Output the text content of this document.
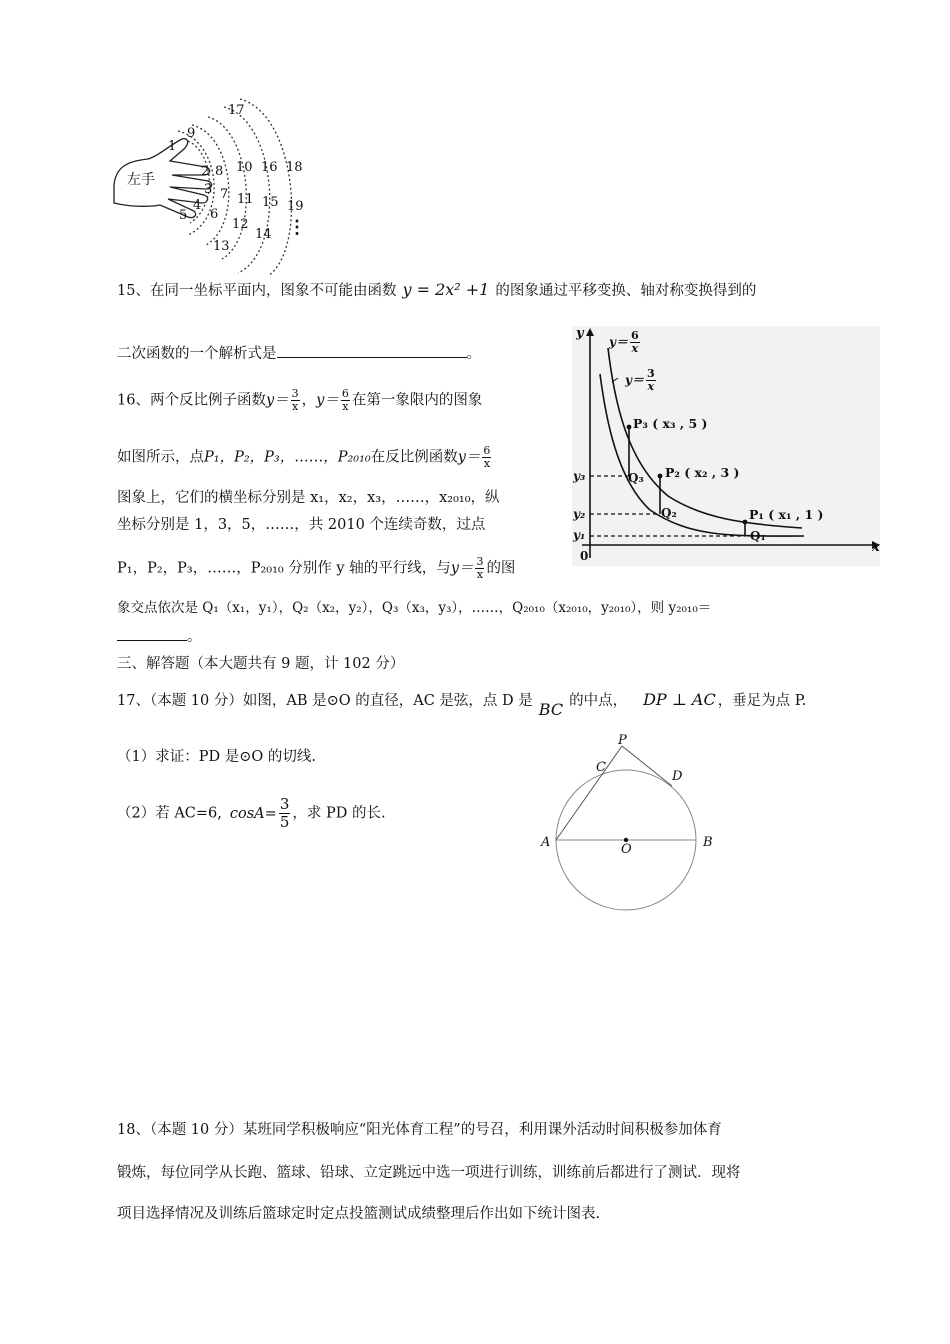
左手
1
9
17
2 8 10 16 18
3 7 11 15 19
4
6
12
14
5
13
⋮
15、在同一坐标平面内，图象不可能由函数 y = 2x² +1 的图象通过平移变换、轴对称变换得到的
二次函数的一个解析式是	。
16、两个反比例子函数$y= \frac{3}{x}$ ，$y= \frac{6}{x}$ 在第一象限内的图象
如图所示，点P₁，P₂，P₃，……，P₂₀₁₀在反比例函数$y= \frac{6}{x}$
图象上，它们的横坐标分别是 x₁，x₂，x₃，……，x₂₀₁₀，纵
坐标分别是 1，3，5，……，共 2010 个连续奇数，过点
P₁，P₂，P₃，……，P₂₀₁₀ 分别作 y 轴的平行线，与$y= \frac{3}{x}$ 的图
象交点依次是 Q₁（x₁，y₁），Q₂（x₂，y₂），Q₃（x₃，y₃），……，Q₂₀₁₀（x₂₀₁₀，y₂₀₁₀），则 y₂₀₁₀＝
。
y
x
0
$y= \frac{6}{x}$
$y= \frac{3}{x}$
P₃ ( x₃ , 5 )
P₂ ( x₂ , 3 )
P₁ ( x₁ , 1 )
Q₃
Q₂
Q₁
y₃
y₂
y₁
三、解答题（本大题共有 9 题，计 102 分）
17、（本题 10 分）如图，AB 是⊙O 的直径，AC 是弦，点 D 是 BC 的中点， DP ⊥ AC ，垂足为点 P.
（1）求证：PD 是⊙O 的切线.
（2）若 AC=6, $\cos A= \frac{3}{5}$ ，求 PD 的长.
P
C
D
A	O	B
18、（本题 10 分）某班同学积极响应“阳光体育工程”的号召，利用课外活动时间积极参加体育
锻炼，每位同学从长跑、篮球、铅球、立定跳远中选一项进行训练，训练前后都进行了测试．现将
项目选择情况及训练后篮球定时定点投篮测试成绩整理后作出如下统计图表.
